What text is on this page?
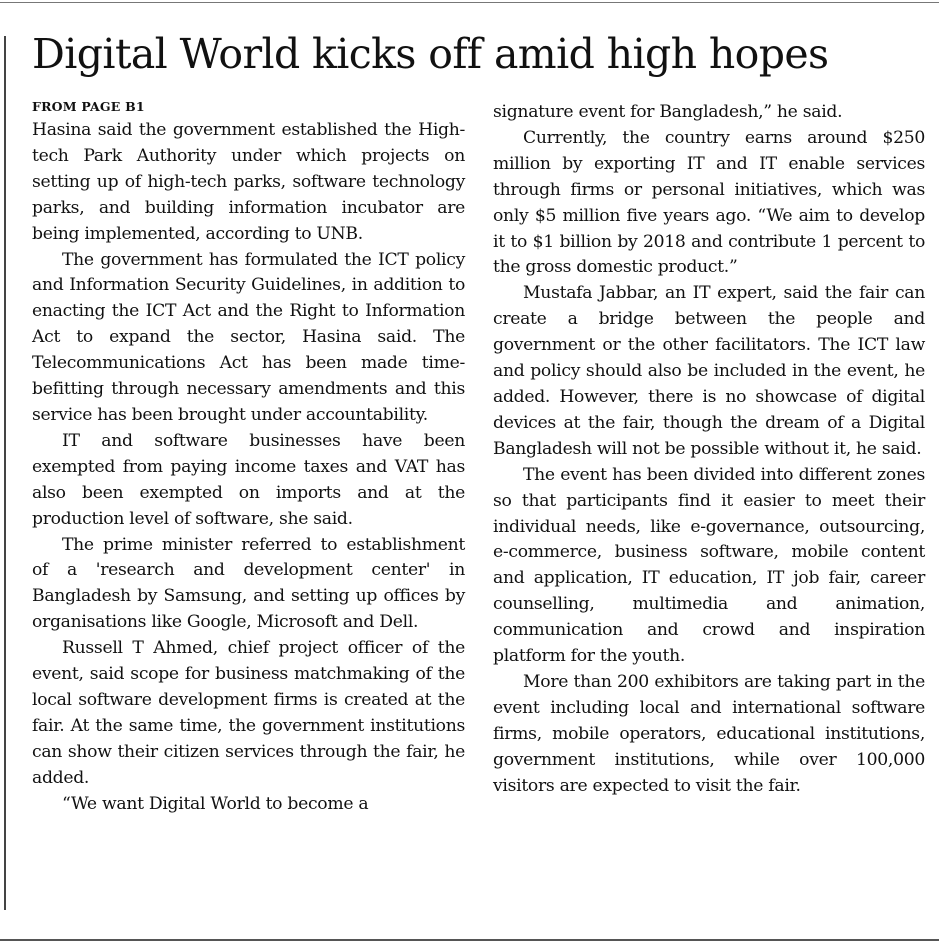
Digital World kicks off amid high hopes
FROM PAGE B1

Hasina said the government established the High-tech Park Authority under which projects on setting up of high-tech parks, software technology parks, and building information incubator are being implemented, according to UNB.

The government has formulated the ICT policy and Information Security Guidelines, in addition to enacting the ICT Act and the Right to Information Act to expand the sector, Hasina said. The Telecommunications Act has been made time-befitting through necessary amendments and this service has been brought under accountability.

IT and software businesses have been exempted from paying income taxes and VAT has also been exempted on imports and at the production level of software, she said.

The prime minister referred to establishment of a 'research and development center' in Bangladesh by Samsung, and setting up offices by organisations like Google, Microsoft and Dell.

Russell T Ahmed, chief project officer of the event, said scope for business matchmaking of the local software development firms is created at the fair. At the same time, the government institutions can show their citizen services through the fair, he added.

“We want Digital World to become a

signature event for Bangladesh,” he said.

Currently, the country earns around $250 million by exporting IT and IT enable services through firms or personal initiatives, which was only $5 million five years ago. “We aim to develop it to $1 billion by 2018 and contribute 1 percent to the gross domestic product.”

Mustafa Jabbar, an IT expert, said the fair can create a bridge between the people and government or the other facilitators. The ICT law and policy should also be included in the event, he added. However, there is no showcase of digital devices at the fair, though the dream of a Digital Bangladesh will not be possible without it, he said.

The event has been divided into different zones so that participants find it easier to meet their individual needs, like e-governance, outsourcing, e-commerce, business software, mobile content and application, IT education, IT job fair, career counselling, multimedia and animation, communication and crowd and inspiration platform for the youth.

More than 200 exhibitors are taking part in the event including local and international software firms, mobile operators, educational institutions, government institutions, while over 100,000 visitors are expected to visit the fair.
